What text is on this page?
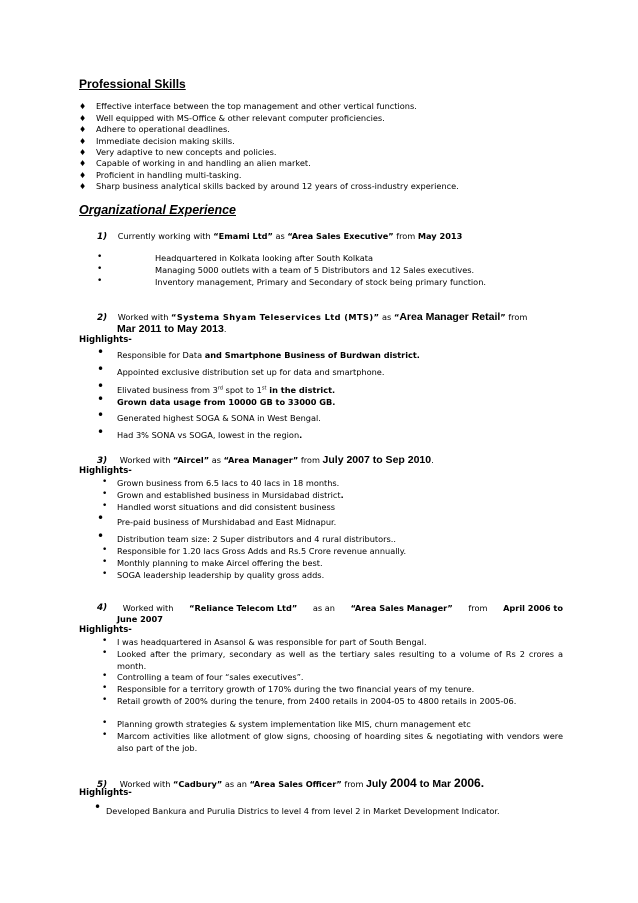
Professional Skills
♦ Effective interface between the top management and other vertical functions.
♦ Well equipped with MS-Office & other relevant computer proficiencies.
♦ Adhere to operational deadlines.
♦ Immediate decision making skills.
♦ Very adaptive to new concepts and policies.
♦ Capable of working in and handling an alien market.
♦ Proficient in handling multi-tasking.
♦ Sharp business analytical skills backed by around 12 years of cross-industry experience.
Organizational Experience
1) Currently working with “Emami Ltd” as “Area Sales Executive” from May 2013
•	Headquartered in Kolkata looking after South Kolkata
•	Managing 5000 outlets with a team of 5 Distributors and 12 Sales executives.
•	Inventory management, Primary and Secondary of stock being primary function.
2) Worked with “Systema Shyam Teleservices Ltd (MTS)” as “Area Manager Retail” from
Mar 2011 to May 2013.
Highlights-
• Responsible for Data and Smartphone Business of Burdwan district.
• Appointed exclusive distribution set up for data and smartphone.
• Elivated business from 3rd spot to 1st in the district.
• Grown data usage from 10000 GB to 33000 GB.
• Generated highest SOGA & SONA in West Bengal.
• Had 3% SONA vs SOGA, lowest in the region.
3) Worked with “Aircel” as “Area Manager” from July 2007 to Sep 2010.
Highlights-
• Grown business from 6.5 lacs to 40 lacs in 18 months.
• Grown and established business in Mursidabad district.
• Handled worst situations and did consistent business
• Pre-paid business of Murshidabad and East Midnapur.
• Distribution team size: 2 Super distributors and 4 rural distributors..
• Responsible for 1.20 lacs Gross Adds and Rs.5 Crore revenue annually.
• Monthly planning to make Aircel offering the best.
• SOGA leadership leadership by quality gross adds.
4) Worked with “Reliance Telecom Ltd” as an “Area Sales Manager” from April 2006 to
June 2007
Highlights-
• I was headquartered in Asansol & was responsible for part of South Bengal.
• Looked after the primary, secondary as well as the tertiary sales resulting to a volume of Rs 2 crores a month.
• Controlling a team of four “sales executives”.
• Responsible for a territory growth of 170% during the two financial years of my tenure.
• Retail growth of 200% during the tenure, from 2400 retails in 2004-05 to 4800 retails in 2005-06.
• Planning growth strategies & system implementation like MIS, churn management etc
• Marcom activities like allotment of glow signs, choosing of hoarding sites & negotiating with vendors were also part of the job.
5) Worked with “Cadbury” as an “Area Sales Officer” from July 2004 to Mar 2006.
Highlights-
• Developed Bankura and Purulia Districs to level 4 from level 2 in Market Development Indicator.
